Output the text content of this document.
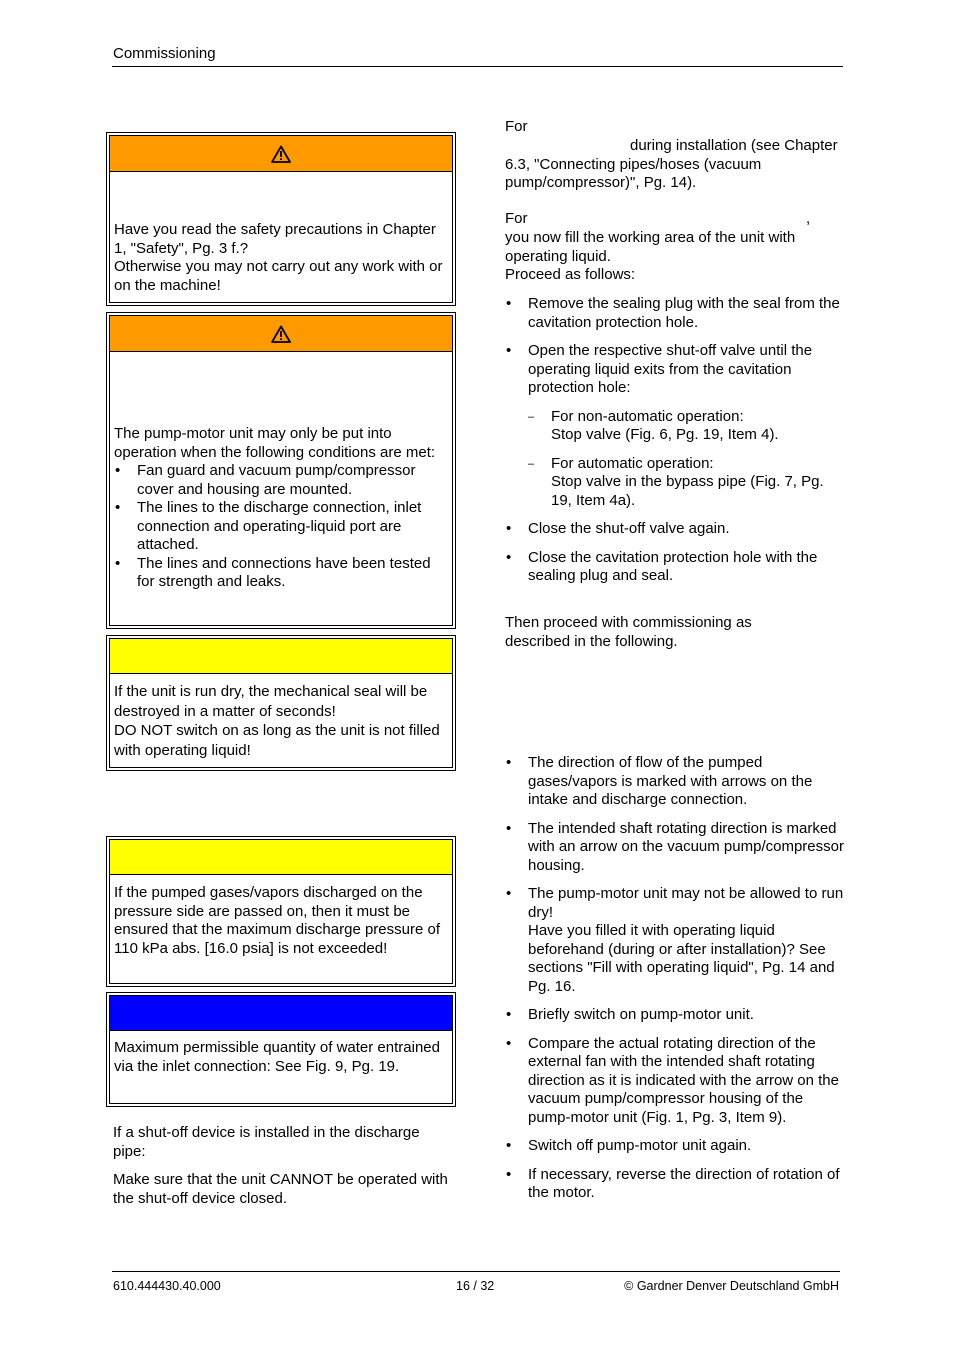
Commissioning

Have you read the safety precautions in Chapter 1, "Safety", Pg. 3 f.?

Otherwise you may not carry out any work with or on the machine!

The pump-motor unit may only be put into operation when the following conditions are met:

• Fan guard and vacuum pump/compressor cover and housing are mounted.
• The lines to the discharge connection, inlet connection and operating-liquid port are attached.
• The lines and connections have been tested for strength and leaks.

If the unit is run dry, the mechanical seal will be destroyed in a matter of seconds!

DO NOT switch on as long as the unit is not filled with operating liquid!

If the pumped gases/vapors discharged on the pressure side are passed on, then it must be ensured that the maximum discharge pressure of 110 kPa abs. [16.0 psia] is not exceeded!
Maximum permissible quantity of water entrained via the inlet connection: See Fig. 9, Pg. 19.

If a shut-off device is installed in the discharge pipe:

Make sure that the unit CANNOT be operated with the shut-off device closed.

For
during installation (see Chapter 6.3, "Connecting pipes/hoses (vacuum pump/compressor)", Pg. 14).
For	,
you now fill the working area of the unit with operating liquid.
Proceed as follows:
• Remove the sealing plug with the seal from the cavitation protection hole.
• Open the respective shut-off valve until the operating liquid exits from the cavitation protection hole:
– For non-automatic operation:
Stop valve (Fig. 6, Pg. 19, Item 4).
– For automatic operation:
Stop valve in the bypass pipe (Fig. 7, Pg. 19, Item 4a).
• Close the shut-off valve again.
• Close the cavitation protection hole with the sealing plug and seal.
Then proceed with commissioning as described in the following.
• The direction of flow of the pumped gases/vapors is marked with arrows on the intake and discharge connection.
• The intended shaft rotating direction is marked with an arrow on the vacuum pump/compressor housing.
• The pump-motor unit may not be allowed to run dry!
Have you filled it with operating liquid beforehand (during or after installation)? See sections "Fill with operating liquid", Pg. 14 and Pg. 16.
• Briefly switch on pump-motor unit.
• Compare the actual rotating direction of the external fan with the intended shaft rotating direction as it is indicated with the arrow on the vacuum pump/compressor housing of the pump-motor unit (Fig. 1, Pg. 3, Item 9).
• Switch off pump-motor unit again.
• If necessary, reverse the direction of rotation of the motor.
610.444430.40.000	16 / 32	© Gardner Denver Deutschland GmbH
